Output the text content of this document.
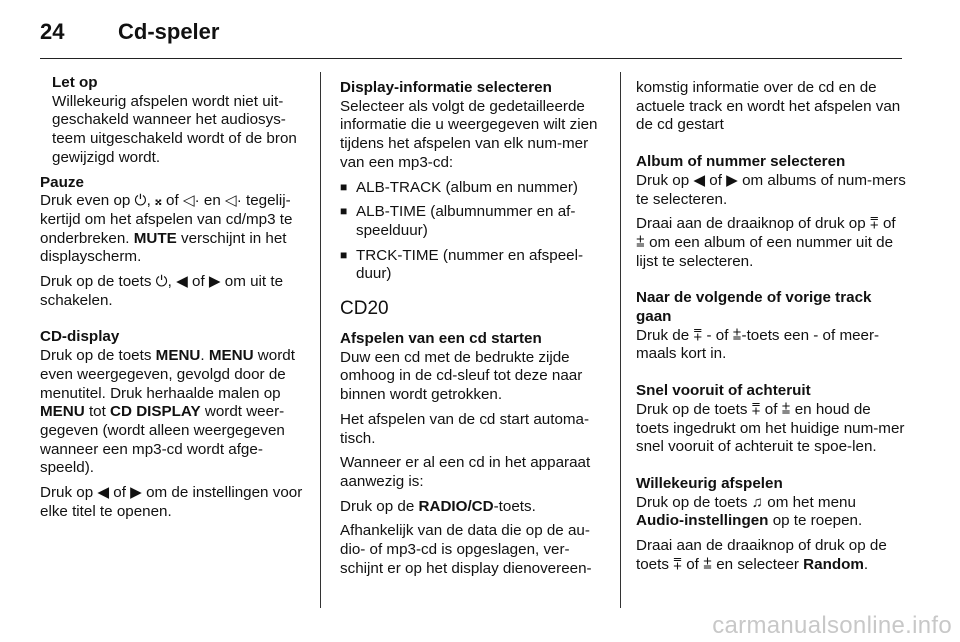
24 Cd-speler

Let op

Willekeurig afspelen wordt niet uit-geschakeld wanneer het audiosys-teem uitgeschakeld wordt of de bron gewijzigd wordt.

Pauze

Druk even op ⏻, 𝄪 of ◁· en ◁· tegelij-kertijd om het afspelen van cd/mp3 te onderbreken. MUTE verschijnt in het displayscherm.

Druk op de toets ⏻, ◀ of ▶ om uit te schakelen.

CD-display

Druk op de toets MENU. MENU wordt even weergegeven, gevolgd door de menutitel. Druk herhaalde malen op MENU tot CD DISPLAY wordt weer-gegeven (wordt alleen weergegeven wanneer een mp3-cd wordt afge-speeld).

Druk op ◀ of ▶ om de instellingen voor elke titel te openen.

Display-informatie selecteren

Selecteer als volgt de gedetailleerde informatie die u weergegeven wilt zien tijdens het afspelen van elk num-mer van een mp3-cd:

■ ALB-TRACK (album en nummer)
■ ALB-TIME (albumnummer en af-speelduur)
■ TRCK-TIME (nummer en afspeel-duur)

CD20

Afspelen van een cd starten

Duw een cd met de bedrukte zijde omhoog in de cd-sleuf tot deze naar binnen wordt getrokken.

Het afspelen van de cd start automa-tisch.

Wanneer er al een cd in het apparaat aanwezig is:

Druk op de RADIO/CD-toets.

Afhankelijk van de data die op de au-dio- of mp3-cd is opgeslagen, ver-schijnt er op het display dienovereen-

komstig informatie over de cd en de actuele track en wordt het afspelen van de cd gestart

Album of nummer selecteren

Druk op ◀ of ▶ om albums of num-mers te selecteren.

Draai aan de draaiknop of druk op ⩱ of ⩲ om een album of een nummer uit de lijst te selecteren.

Naar de volgende of vorige track gaan

Druk de ⩱ - of ⩲-toets een - of meer-maals kort in.

Snel vooruit of achteruit

Druk op de toets ⩱ of ⩲ en houd de toets ingedrukt om het huidige num-mer snel vooruit of achteruit te spoe-len.

Willekeurig afspelen

Druk op de toets ♫ om het menu Audio-instellingen op te roepen.

Draai aan de draaiknop of druk op de toets ⩱ of ⩲ en selecteer Random.

carmanualsonline.info
